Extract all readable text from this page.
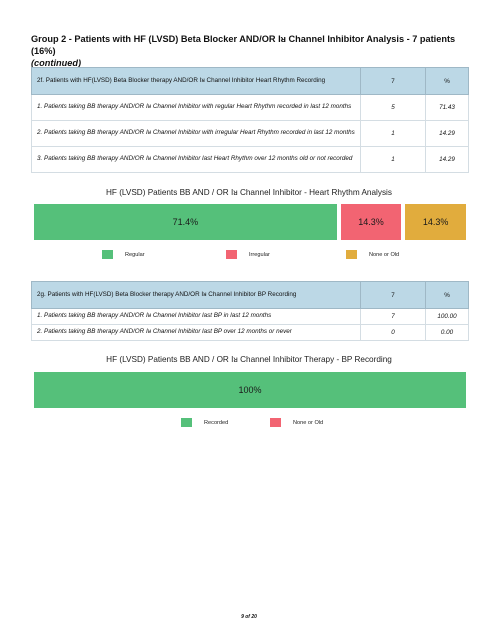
Group 2 - Patients with HF (LVSD) Beta Blocker AND/OR Iᴚ Channel Inhibitor Analysis - 7 patients (16%)
(continued)
2f. Patients with HF(LVSD) Beta Blocker therapy AND/OR Iᴚ Channel Inhibitor Heart Rhythm Recording	7	%
1. Patients taking BB therapy AND/OR Iᴚ Channel Inhibitor with regular Heart Rhythm recorded in last 12 months	5	71.43
2. Patients taking BB therapy AND/OR Iᴚ Channel Inhibitor with irregular Heart Rhythm recorded in last 12 months	1	14.29
3. Patients taking BB therapy AND/OR Iᴚ Channel Inhibitor last Heart Rhythm over 12 months old or not recorded	1	14.29
HF (LVSD) Patients BB AND / OR Iᴚ Channel Inhibitor - Heart Rhythm Analysis
71.4%	14.3%	14.3%
Regular	Irregular	None or Old
2g. Patients with HF(LVSD) Beta Blocker therapy AND/OR Iᴚ Channel Inhibitor BP Recording	7	%
1. Patients taking BB therapy AND/OR Iᴚ Channel Inhibitor last BP in last 12 months	7	100.00
2. Patients taking BB therapy AND/OR Iᴚ Channel Inhibitor last BP over 12 months or never	0	0.00
HF (LVSD) Patients BB AND / OR Iᴚ Channel Inhibitor Therapy - BP Recording
100%
Recorded	None or Old
9 of 20
